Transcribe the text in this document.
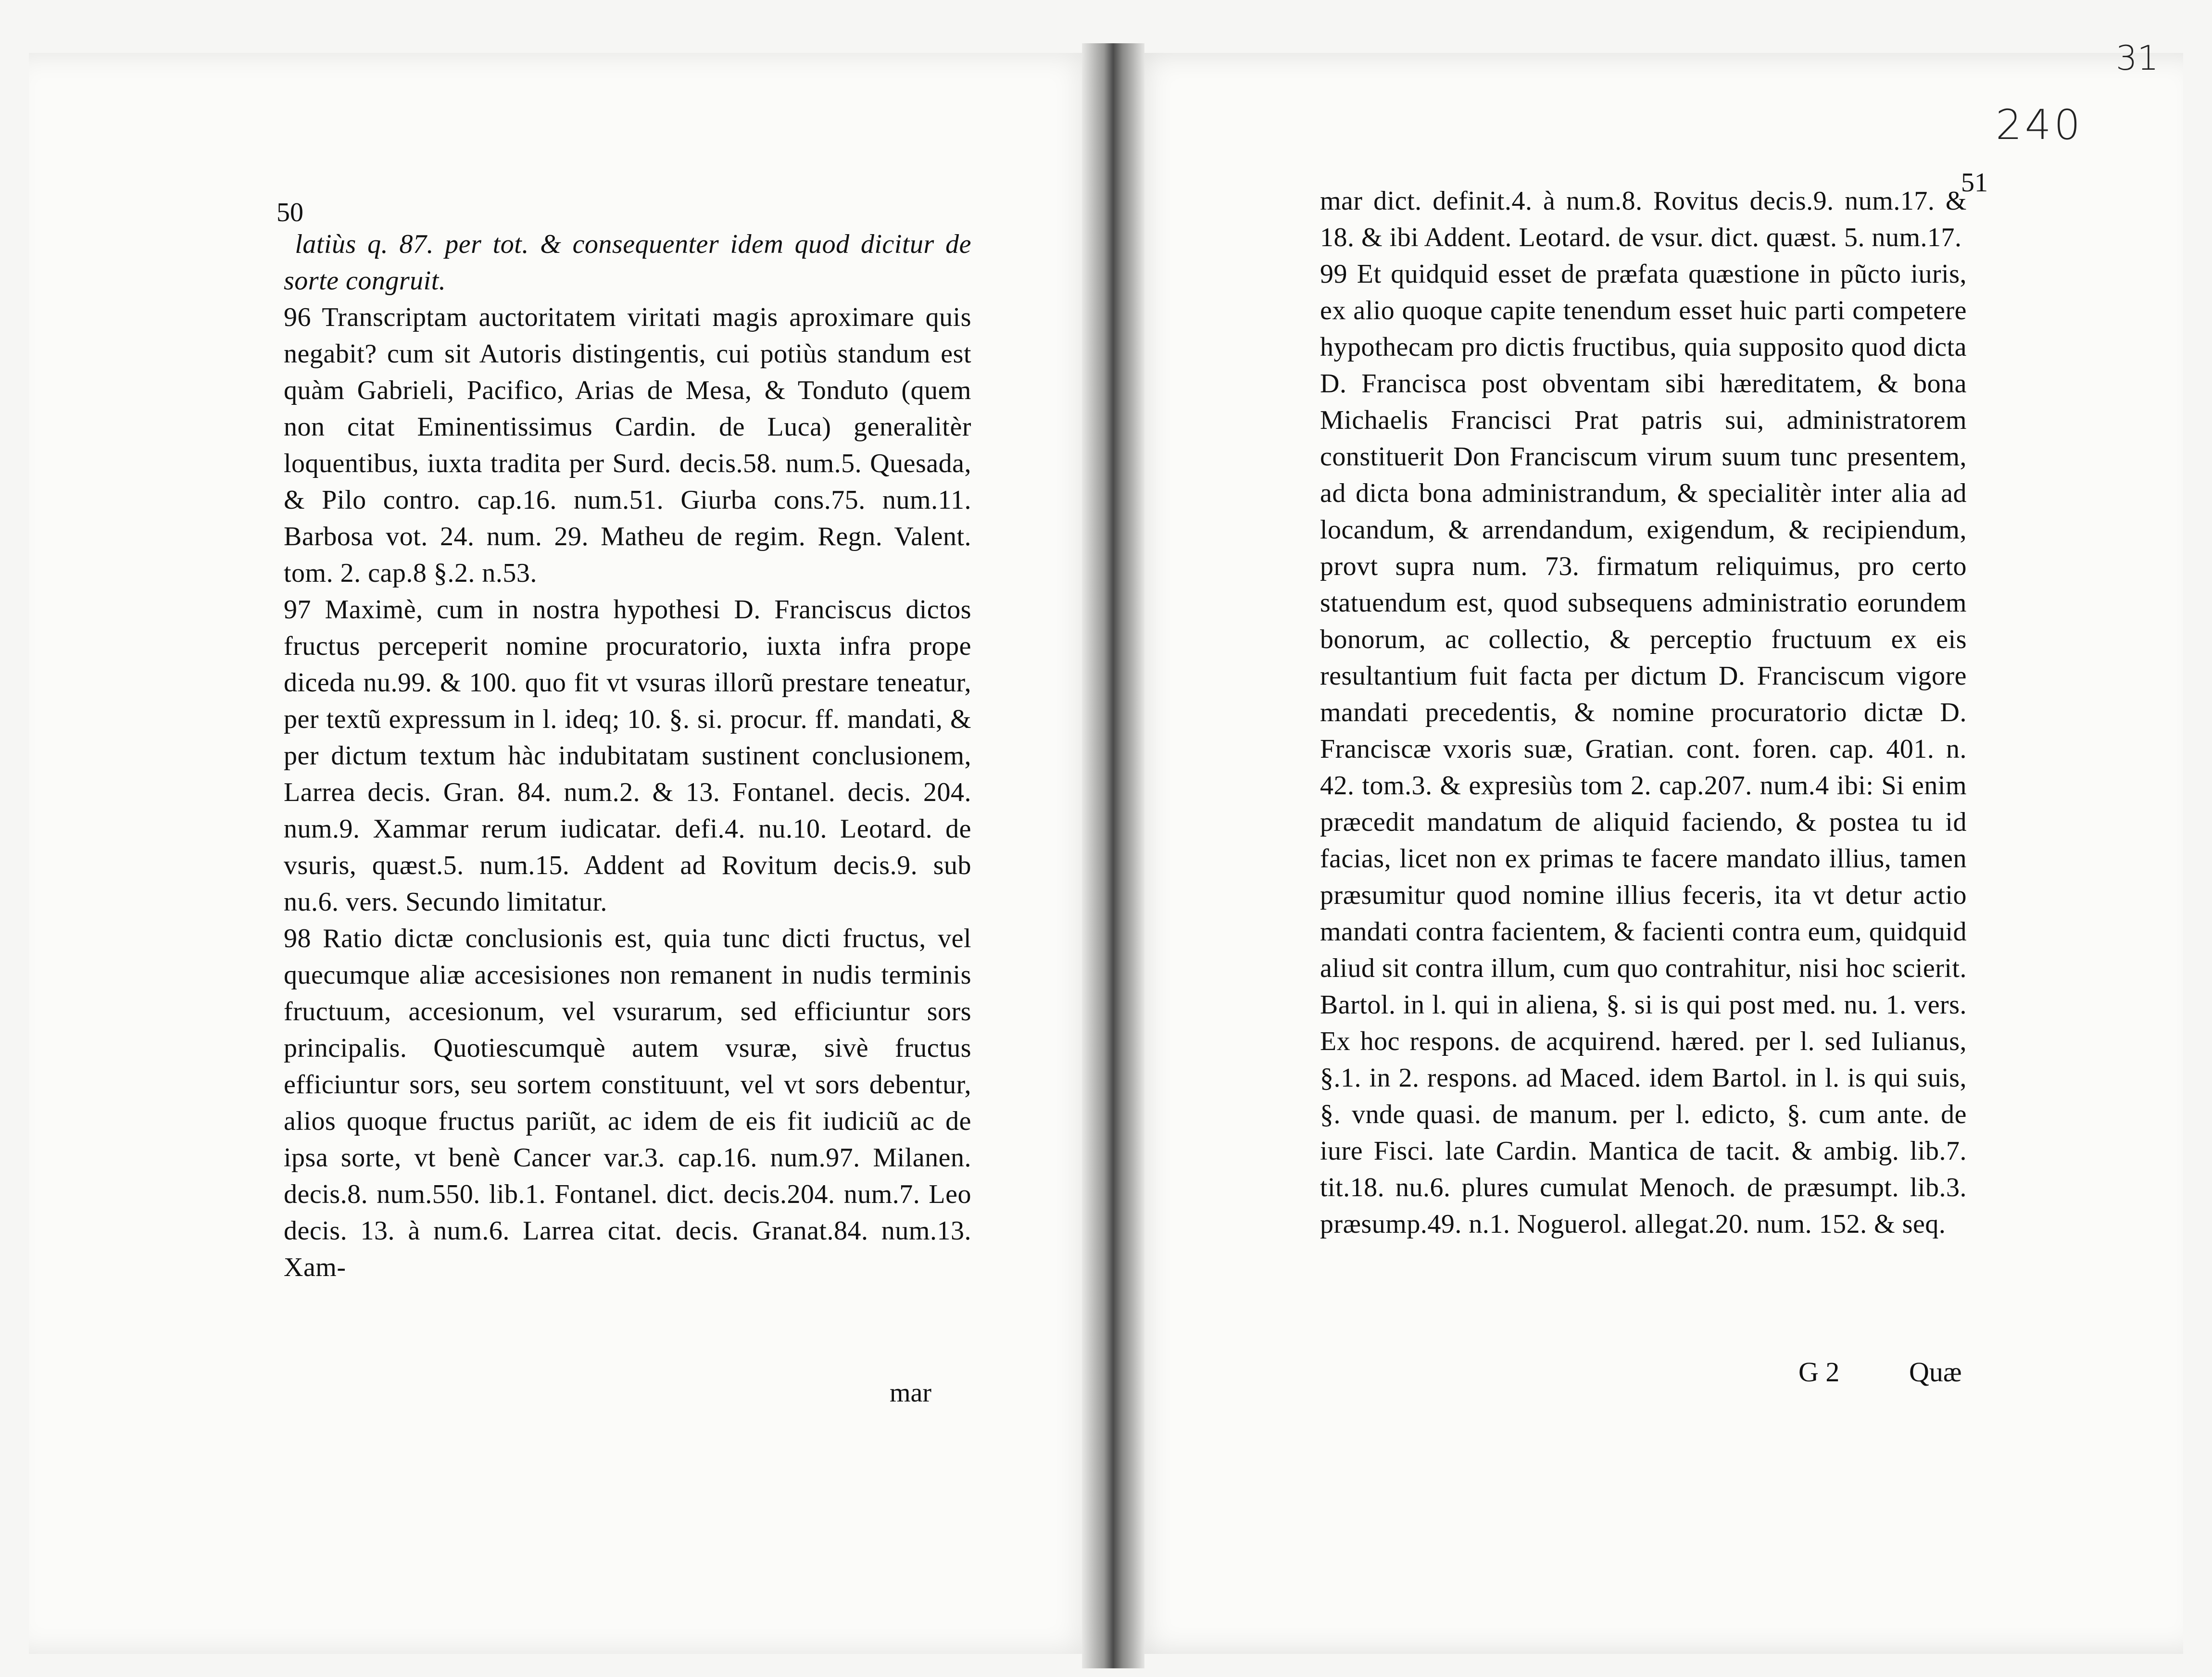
240
31
50
51

⁠ latiùs q. 87. per tot. & consequenter idem quod dicitur de sorte congruit.

96 Transcriptam auctoritatem viritati magis aproximare quis negabit? cum sit Autoris distingentis, cui potiùs standum est quàm Gabrieli, Pacifico, Arias de Mesa, & Tonduto (quem non citat Eminentissimus Cardin. de Luca) generalitèr loquentibus, iuxta tradita per Surd. decis.58. num.5. Quesada, & Pilo contro. cap.16. num.51. Giurba cons.75. num.11. Barbosa vot. 24. num. 29. Matheu de regim. Regn. Valent. tom. 2. cap.8 §.2. n.53.

97 Maximè, cum in nostra hypothesi D. Franciscus dictos fructus perceperit nomine procuratorio, iuxta infra prope diceda nu.99. & 100. quo fit vt vsuras illorũ prestare teneatur, per textũ expressum in l. ideq; 10. §. si. procur. ff. mandati, & per dictum textum hàc indubitatam sustinent conclusionem, Larrea decis. Gran. 84. num.2. & 13. Fontanel. decis. 204. num.9. Xammar rerum iudicatar. defi.4. nu.10. Leotard. de vsuris, quæst.5. num.15. Addent ad Rovitum decis.9. sub nu.6. vers. Secundo limitatur.

98 Ratio dictæ conclusionis est, quia tunc dicti fructus, vel quecumque aliæ accesisiones non remanent in nudis terminis fructuum, accesionum, vel vsurarum, sed efficiuntur sors principalis. Quotiescumquè autem vsuræ, sivè fructus efficiuntur sors, seu sortem constituunt, vel vt sors debentur, alios quoque fructus pariũt, ac idem de eis fit iudiciũ ac de ipsa sorte, vt benè Cancer var.3. cap.16. num.97. Milanen. decis.8. num.550. lib.1. Fontanel. dict. decis.204. num.7. Leo decis. 13. à num.6. Larrea citat. decis. Granat.84. num.13. Xam-

mar

mar dict. definit.4. à num.8. Rovitus decis.9. num.17. & 18. & ibi Addent. Leotard. de vsur. dict. quæst. 5. num.17.

99 Et quidquid esset de præfata quæstione in pũcto iuris, ex alio quoque capite tenendum esset huic parti competere hypothecam pro dictis fructibus, quia supposito quod dicta D. Francisca post obventam sibi hæreditatem, & bona Michaelis Francisci Prat patris sui, administratorem constituerit Don Franciscum virum suum tunc presentem, ad dicta bona administrandum, & specialitèr inter alia ad locandum, & arrendandum, exigendum, & recipiendum, provt supra num. 73. firmatum reliquimus, pro certo statuendum est, quod subsequens administratio eorundem bonorum, ac collectio, & perceptio fructuum ex eis resultantium fuit facta per dictum D. Franciscum vigore mandati precedentis, & nomine procuratorio dictæ D. Franciscæ vxoris suæ, Gratian. cont. foren. cap. 401. n. 42. tom.3. & expresiùs tom 2. cap.207. num.4 ibi: Si enim præcedit mandatum de aliquid faciendo, & postea tu id facias, licet non ex primas te facere mandato illius, tamen præsumitur quod nomine illius feceris, ita vt detur actio mandati contra facientem, & facienti contra eum, quidquid aliud sit contra illum, cum quo contrahitur, nisi hoc scierit. Bartol. in l. qui in aliena, §. si is qui post med. nu. 1. vers. Ex hoc respons. de acquirend. hæred. per l. sed Iulianus, §.1. in 2. respons. ad Maced. idem Bartol. in l. is qui suis, §. vnde quasi. de manum. per l. edicto, §. cum ante. de iure Fisci. late Cardin. Mantica de tacit. & ambig. lib.7. tit.18. nu.6. plures cumulat Menoch. de præsumpt. lib.3. præsump.49. n.1. Noguerol. allegat.20. num. 152. & seq.

G 2 Quæ
